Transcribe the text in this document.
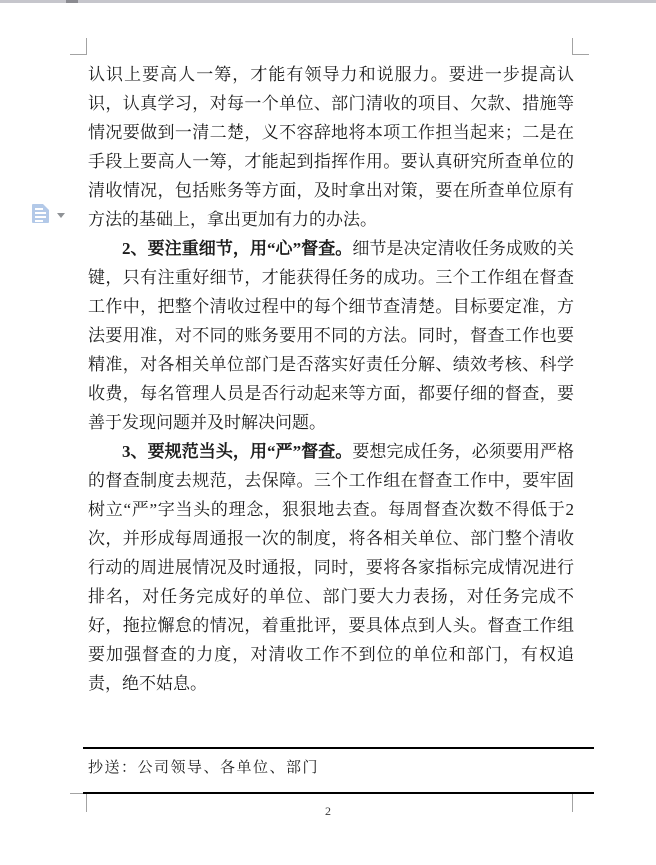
认识上要高人一筹，才能有领导力和说服力。要进一步提高认识，认真学习，对每一个单位、部门清收的项目、欠款、措施等情况要做到一清二楚，义不容辞地将本项工作担当起来；二是在手段上要高人一筹，才能起到指挥作用。要认真研究所查单位的清收情况，包括账务等方面，及时拿出对策，要在所查单位原有方法的基础上，拿出更加有力的办法。

2、要注重细节，用“心”督查。细节是决定清收任务成败的关键，只有注重好细节，才能获得任务的成功。三个工作组在督查工作中，把整个清收过程中的每个细节查清楚。目标要定准，方法要用准，对不同的账务要用不同的方法。同时，督查工作也要精准，对各相关单位部门是否落实好责任分解、绩效考核、科学收费，每名管理人员是否行动起来等方面，都要仔细的督查，要善于发现问题并及时解决问题。

3、要规范当头，用“严”督查。要想完成任务，必须要用严格的督查制度去规范，去保障。三个工作组在督查工作中，要牢固树立“严”字当头的理念，狠狠地去查。每周督查次数不得低于2次，并形成每周通报一次的制度，将各相关单位、部门整个清收行动的周进展情况及时通报，同时，要将各家指标完成情况进行排名，对任务完成好的单位、部门要大力表扬，对任务完成不好，拖拉懈怠的情况，着重批评，要具体点到人头。督查工作组要加强督查的力度，对清收工作不到位的单位和部门，有权追责，绝不姑息。

抄送：公司领导、各单位、部门
2
